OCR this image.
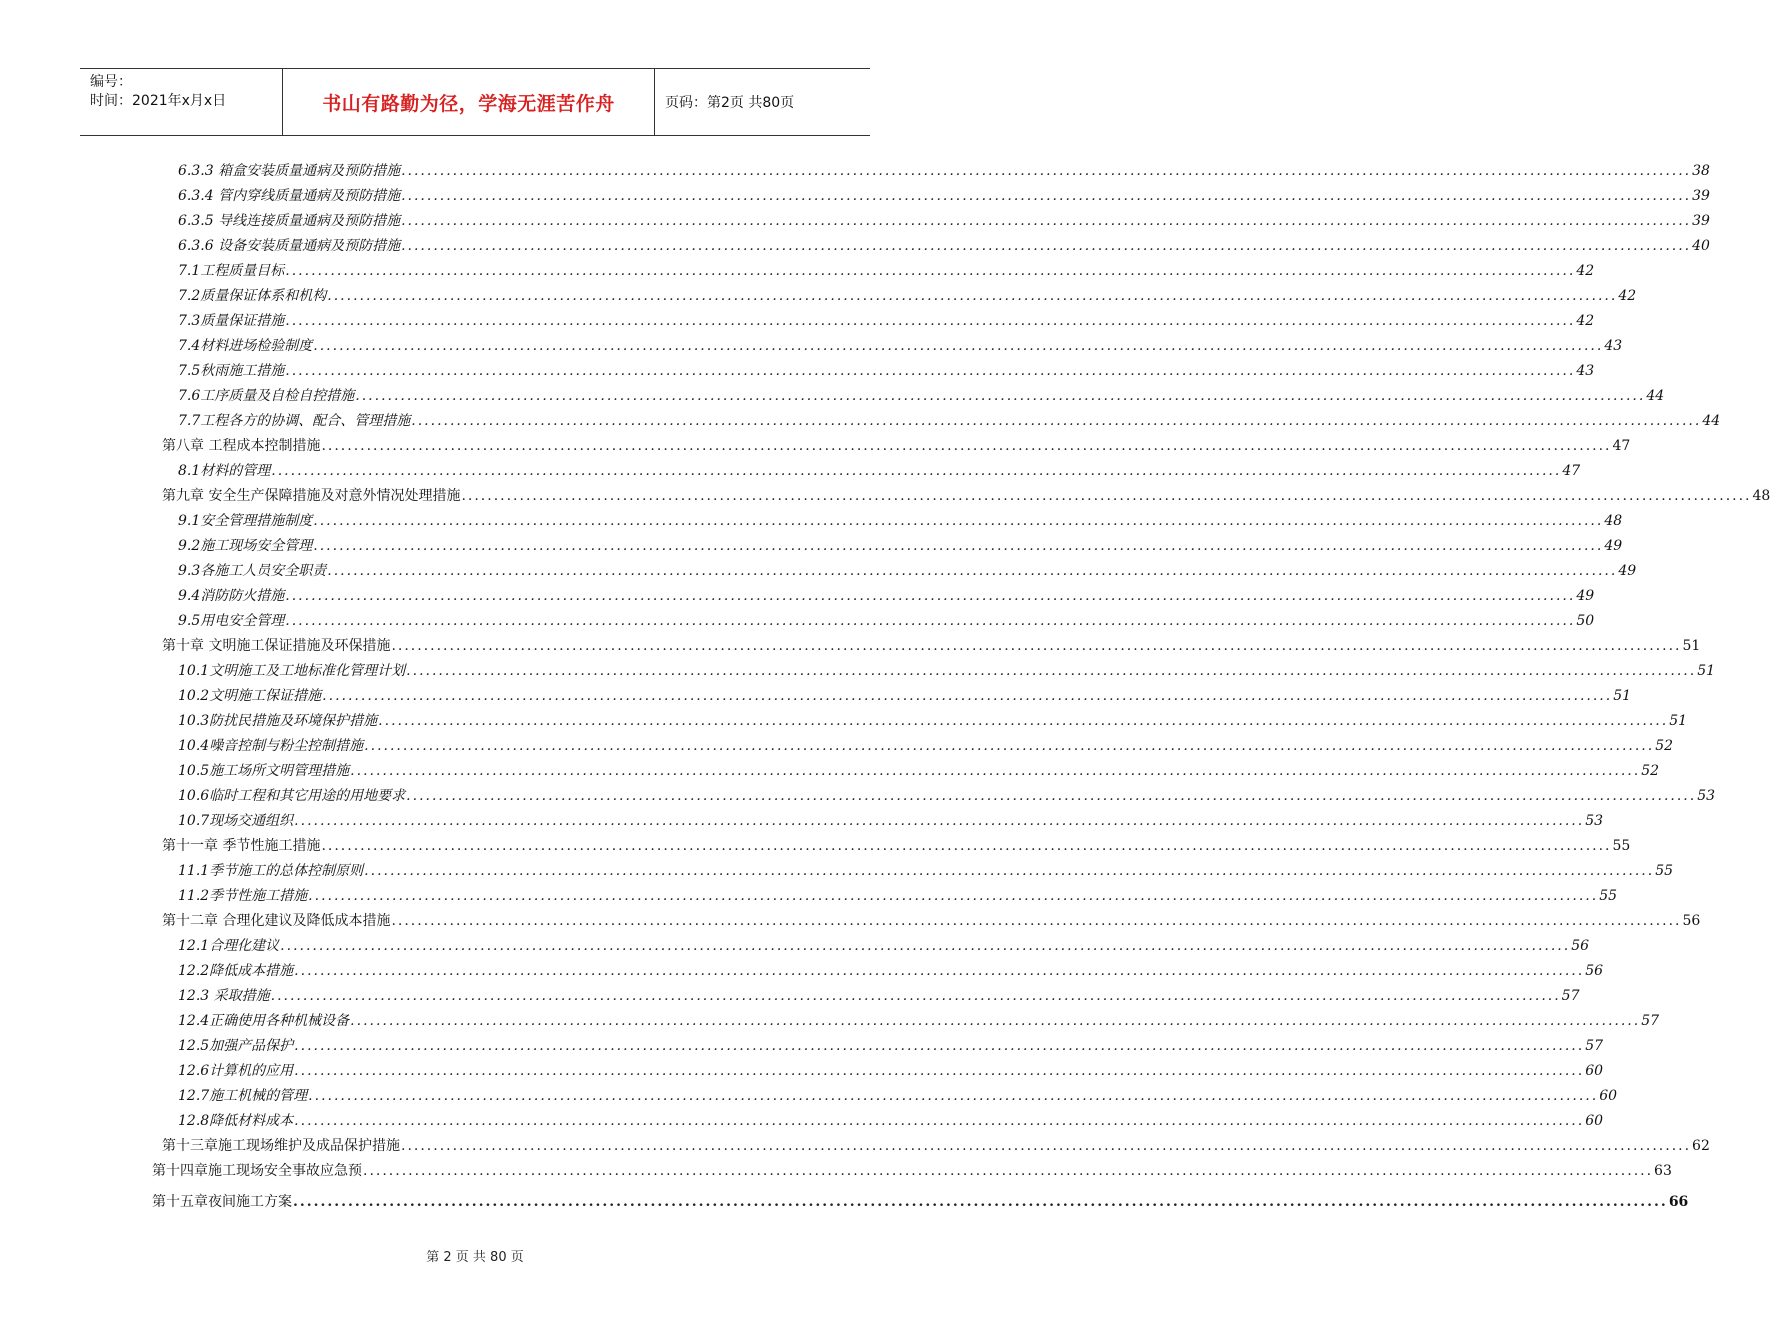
编号：
时间：2021年x月x日	书山有路勤为径，学海无涯苦作舟	页码：第2页 共80页
6.3.3 箱盒安装质量通病及预防措施 ........................................................................................................................................................................................................ 38
6.3.4 管内穿线质量通病及预防措施 ........................................................................................................................................................................................................ 39
6.3.5 导线连接质量通病及预防措施 ........................................................................................................................................................................................................ 39
6.3.6 设备安装质量通病及预防措施 ........................................................................................................................................................................................................ 40
7.1工程质量目标 ........................................................................................................................................................................................................ 42
7.2质量保证体系和机构 ........................................................................................................................................................................................................ 42
7.3质量保证措施 ........................................................................................................................................................................................................ 42
7.4材料进场检验制度 ........................................................................................................................................................................................................ 43
7.5秋雨施工措施 ........................................................................................................................................................................................................ 43
7.6工序质量及自检自控措施 ........................................................................................................................................................................................................ 44
7.7工程各方的协调、配合、管理措施 ........................................................................................................................................................................................................ 44
第八章 工程成本控制措施 ........................................................................................................................................................................................................ 47
8.1材料的管理 ........................................................................................................................................................................................................ 47
第九章 安全生产保障措施及对意外情况处理措施 ........................................................................................................................................................................................................ 48
9.1安全管理措施制度 ........................................................................................................................................................................................................ 48
9.2施工现场安全管理 ........................................................................................................................................................................................................ 49
9.3各施工人员安全职责 ........................................................................................................................................................................................................ 49
9.4消防防火措施 ........................................................................................................................................................................................................ 49
9.5用电安全管理 ........................................................................................................................................................................................................ 50
第十章 文明施工保证措施及环保措施 ........................................................................................................................................................................................................ 51
10.1文明施工及工地标准化管理计划 ........................................................................................................................................................................................................ 51
10.2文明施工保证措施 ........................................................................................................................................................................................................ 51
10.3防扰民措施及环境保护措施 ........................................................................................................................................................................................................ 51
10.4噪音控制与粉尘控制措施 ........................................................................................................................................................................................................ 52
10.5施工场所文明管理措施 ........................................................................................................................................................................................................ 52
10.6临时工程和其它用途的用地要求 ........................................................................................................................................................................................................ 53
10.7现场交通组织 ........................................................................................................................................................................................................ 53
第十一章 季节性施工措施 ........................................................................................................................................................................................................ 55
11.1季节施工的总体控制原则 ........................................................................................................................................................................................................ 55
11.2季节性施工措施 ........................................................................................................................................................................................................ 55
第十二章 合理化建议及降低成本措施 ........................................................................................................................................................................................................ 56
12.1合理化建议 ........................................................................................................................................................................................................ 56
12.2降低成本措施 ........................................................................................................................................................................................................ 56
12.3 采取措施 ........................................................................................................................................................................................................ 57
12.4正确使用各种机械设备 ........................................................................................................................................................................................................ 57
12.5加强产品保护 ........................................................................................................................................................................................................ 57
12.6计算机的应用 ........................................................................................................................................................................................................ 60
12.7施工机械的管理 ........................................................................................................................................................................................................ 60
12.8降低材料成本 ........................................................................................................................................................................................................ 60
第十三章施工现场维护及成品保护措施 ........................................................................................................................................................................................................ 62
第十四章施工现场安全事故应急预 ........................................................................................................................................................................................................ 63
第十五章夜间施工方案 ........................................................................................................................................................................................................ 66
第 2 页 共 80 页
